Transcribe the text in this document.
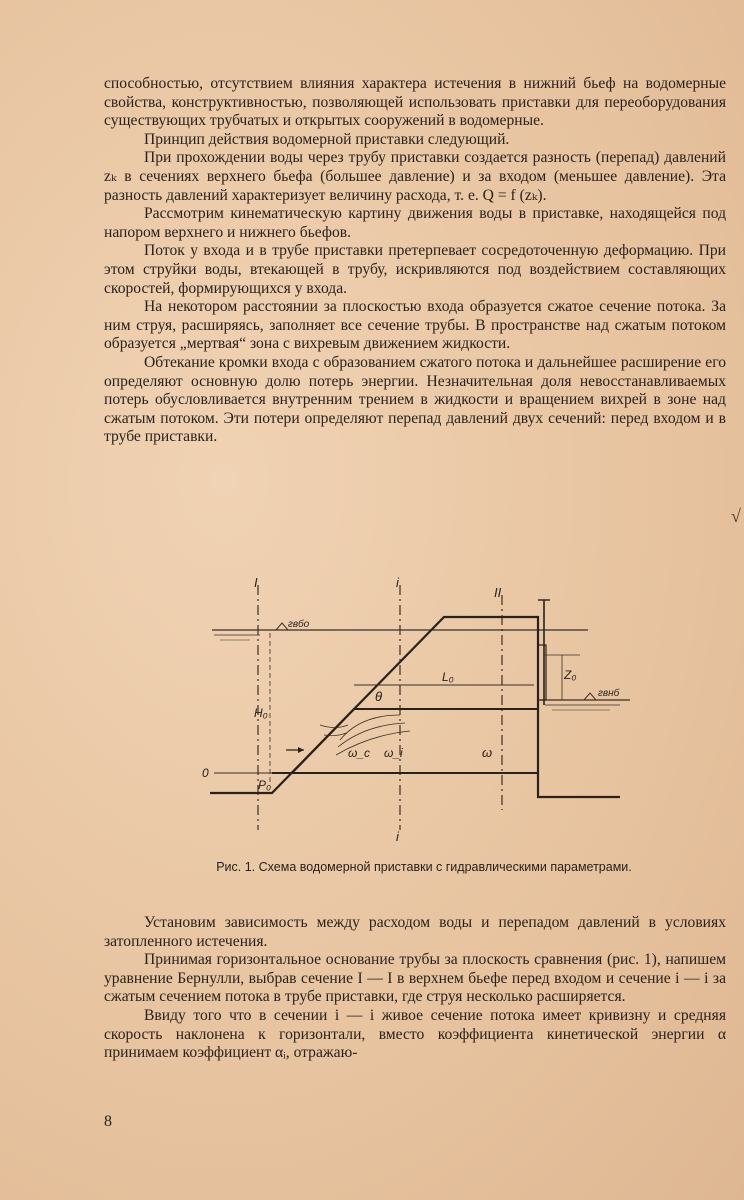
способностью, отсутствием влияния характера истечения в нижний бьеф на водомерные свойства, конструктивностью, позволяющей использовать приставки для переоборудования существующих трубчатых и открытых сооружений в водомерные.

Принцип действия водомерной приставки следующий.

При прохождении воды через трубу приставки создается разность (перепад) давлений zₖ в сечениях верхнего бьефа (большее давление) и за входом (меньшее давление). Эта разность давлений характеризует величину расхода, т. е. Q = f (zₖ).

Рассмотрим кинематическую картину движения воды в приставке, находящейся под напором верхнего и нижнего бьефов.

Поток у входа и в трубе приставки претерпевает сосредоточенную деформацию. При этом струйки воды, втекающей в трубу, искривляются под воздействием составляющих скоростей, формирующихся у входа.

На некотором расстоянии за плоскостью входа образуется сжатое сечение потока. За ним струя, расширяясь, заполняет все сечение трубы. В пространстве над сжатым потоком образуется „мертвая“ зона с вихревым движением жидкости.

Обтекание кромки входа с образованием сжатого потока и дальнейшее расширение его определяют основную долю потерь энергии. Незначительная доля невосстанавливаемых потерь обусловливается внутренним трением в жидкости и вращением вихрей в зоне над сжатым потоком. Эти потери определяют перепад давлений двух сечений: перед входом и в трубе приставки.

√
I	i
II
i
гвбо
гвнб
H₀
P₀
0
θ
L₀	Z₀
ω_c ω_i	ω
Рис. 1. Схема водомерной приставки с гидравлическими параметрами.

Установим зависимость между расходом воды и перепадом давлений в условиях затопленного истечения.

Принимая горизонтальное основание трубы за плоскость сравнения (рис. 1), напишем уравнение Бернулли, выбрав сечение I — I в верхнем бьефе перед входом и сечение i — i за сжатым сечением потока в трубе приставки, где струя несколько расширяется.

Ввиду того что в сечении i — i живое сечение потока имеет кривизну и средняя скорость наклонена к горизонтали, вместо коэффициента кинетической энергии α принимаем коэффициент αᵢ, отражаю-

8
